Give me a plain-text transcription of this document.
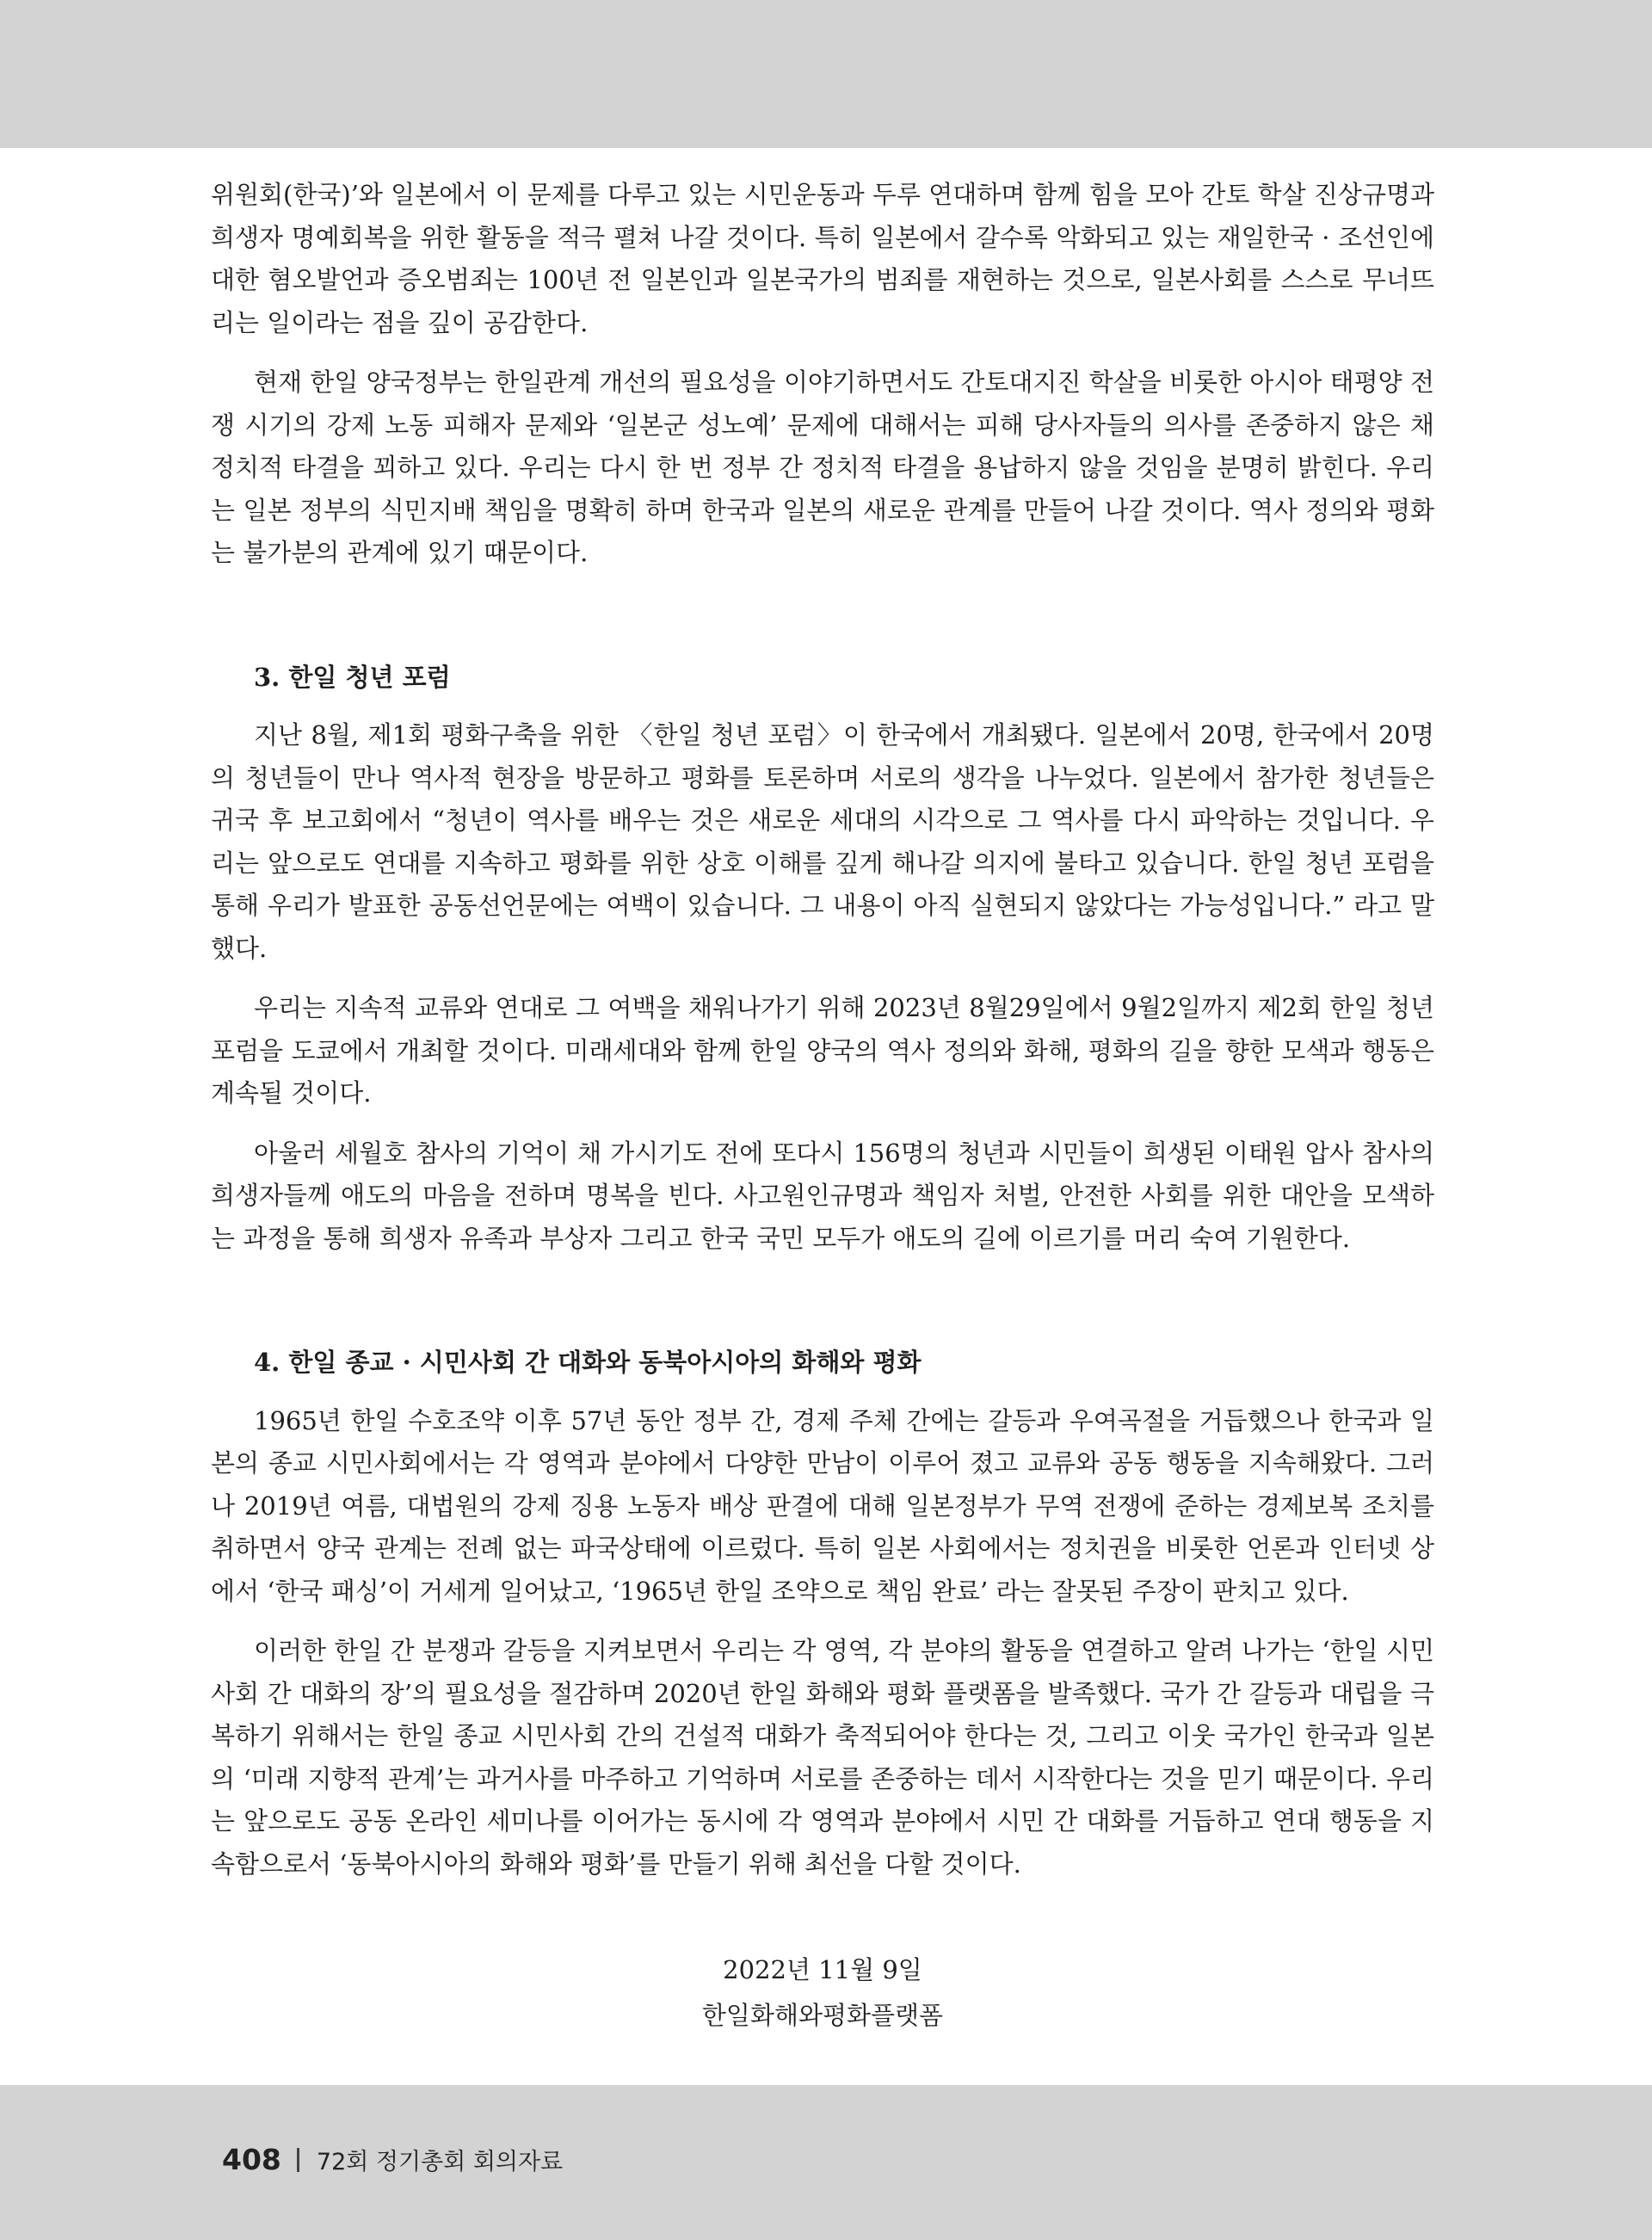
위원회(한국)’와 일본에서 이 문제를 다루고 있는 시민운동과 두루 연대하며 함께 힘을 모아 간토 학살 진상규명과 희생자 명예회복을 위한 활동을 적극 펼쳐 나갈 것이다. 특히 일본에서 갈수록 악화되고 있는 재일한국 · 조선인에 대한 혐오발언과 증오범죄는 100년 전 일본인과 일본국가의 범죄를 재현하는 것으로, 일본사회를 스스로 무너뜨리는 일이라는 점을 깊이 공감한다.

현재 한일 양국정부는 한일관계 개선의 필요성을 이야기하면서도 간토대지진 학살을 비롯한 아시아 태평양 전쟁 시기의 강제 노동 피해자 문제와 ‘일본군 성노예’ 문제에 대해서는 피해 당사자들의 의사를 존중하지 않은 채 정치적 타결을 꾀하고 있다. 우리는 다시 한 번 정부 간 정치적 타결을 용납하지 않을 것임을 분명히 밝힌다. 우리는 일본 정부의 식민지배 책임을 명확히 하며 한국과 일본의 새로운 관계를 만들어 나갈 것이다. 역사 정의와 평화는 불가분의 관계에 있기 때문이다.

3. 한일 청년 포럼

지난 8월, 제1회 평화구축을 위한 〈한일 청년 포럼〉이 한국에서 개최됐다. 일본에서 20명, 한국에서 20명의 청년들이 만나 역사적 현장을 방문하고 평화를 토론하며 서로의 생각을 나누었다. 일본에서 참가한 청년들은 귀국 후 보고회에서 “청년이 역사를 배우는 것은 새로운 세대의 시각으로 그 역사를 다시 파악하는 것입니다. 우리는 앞으로도 연대를 지속하고 평화를 위한 상호 이해를 깊게 해나갈 의지에 불타고 있습니다. 한일 청년 포럼을 통해 우리가 발표한 공동선언문에는 여백이 있습니다. 그 내용이 아직 실현되지 않았다는 가능성입니다.” 라고 말했다.

우리는 지속적 교류와 연대로 그 여백을 채워나가기 위해 2023년 8월29일에서 9월2일까지 제2회 한일 청년 포럼을 도쿄에서 개최할 것이다. 미래세대와 함께 한일 양국의 역사 정의와 화해, 평화의 길을 향한 모색과 행동은 계속될 것이다.

아울러 세월호 참사의 기억이 채 가시기도 전에 또다시 156명의 청년과 시민들이 희생된 이태원 압사 참사의 희생자들께 애도의 마음을 전하며 명복을 빈다. 사고원인규명과 책임자 처벌, 안전한 사회를 위한 대안을 모색하는 과정을 통해 희생자 유족과 부상자 그리고 한국 국민 모두가 애도의 길에 이르기를 머리 숙여 기원한다.

4. 한일 종교 · 시민사회 간 대화와 동북아시아의 화해와 평화

1965년 한일 수호조약 이후 57년 동안 정부 간, 경제 주체 간에는 갈등과 우여곡절을 거듭했으나 한국과 일본의 종교 시민사회에서는 각 영역과 분야에서 다양한 만남이 이루어 졌고 교류와 공동 행동을 지속해왔다. 그러나 2019년 여름, 대법원의 강제 징용 노동자 배상 판결에 대해 일본정부가 무역 전쟁에 준하는 경제보복 조치를 취하면서 양국 관계는 전례 없는 파국상태에 이르렀다. 특히 일본 사회에서는 정치권을 비롯한 언론과 인터넷 상에서 ‘한국 패싱’이 거세게 일어났고, ‘1965년 한일 조약으로 책임 완료’ 라는 잘못된 주장이 판치고 있다.

이러한 한일 간 분쟁과 갈등을 지켜보면서 우리는 각 영역, 각 분야의 활동을 연결하고 알려 나가는 ‘한일 시민사회 간 대화의 장’의 필요성을 절감하며 2020년 한일 화해와 평화 플랫폼을 발족했다. 국가 간 갈등과 대립을 극복하기 위해서는 한일 종교 시민사회 간의 건설적 대화가 축적되어야 한다는 것, 그리고 이웃 국가인 한국과 일본의 ‘미래 지향적 관계’는 과거사를 마주하고 기억하며 서로를 존중하는 데서 시작한다는 것을 믿기 때문이다. 우리는 앞으로도 공동 온라인 세미나를 이어가는 동시에 각 영역과 분야에서 시민 간 대화를 거듭하고 연대 행동을 지속함으로서 ‘동북아시아의 화해와 평화’를 만들기 위해 최선을 다할 것이다.

2022년 11월 9일
한일화해와평화플랫폼
408 72회 정기총회 회의자료
